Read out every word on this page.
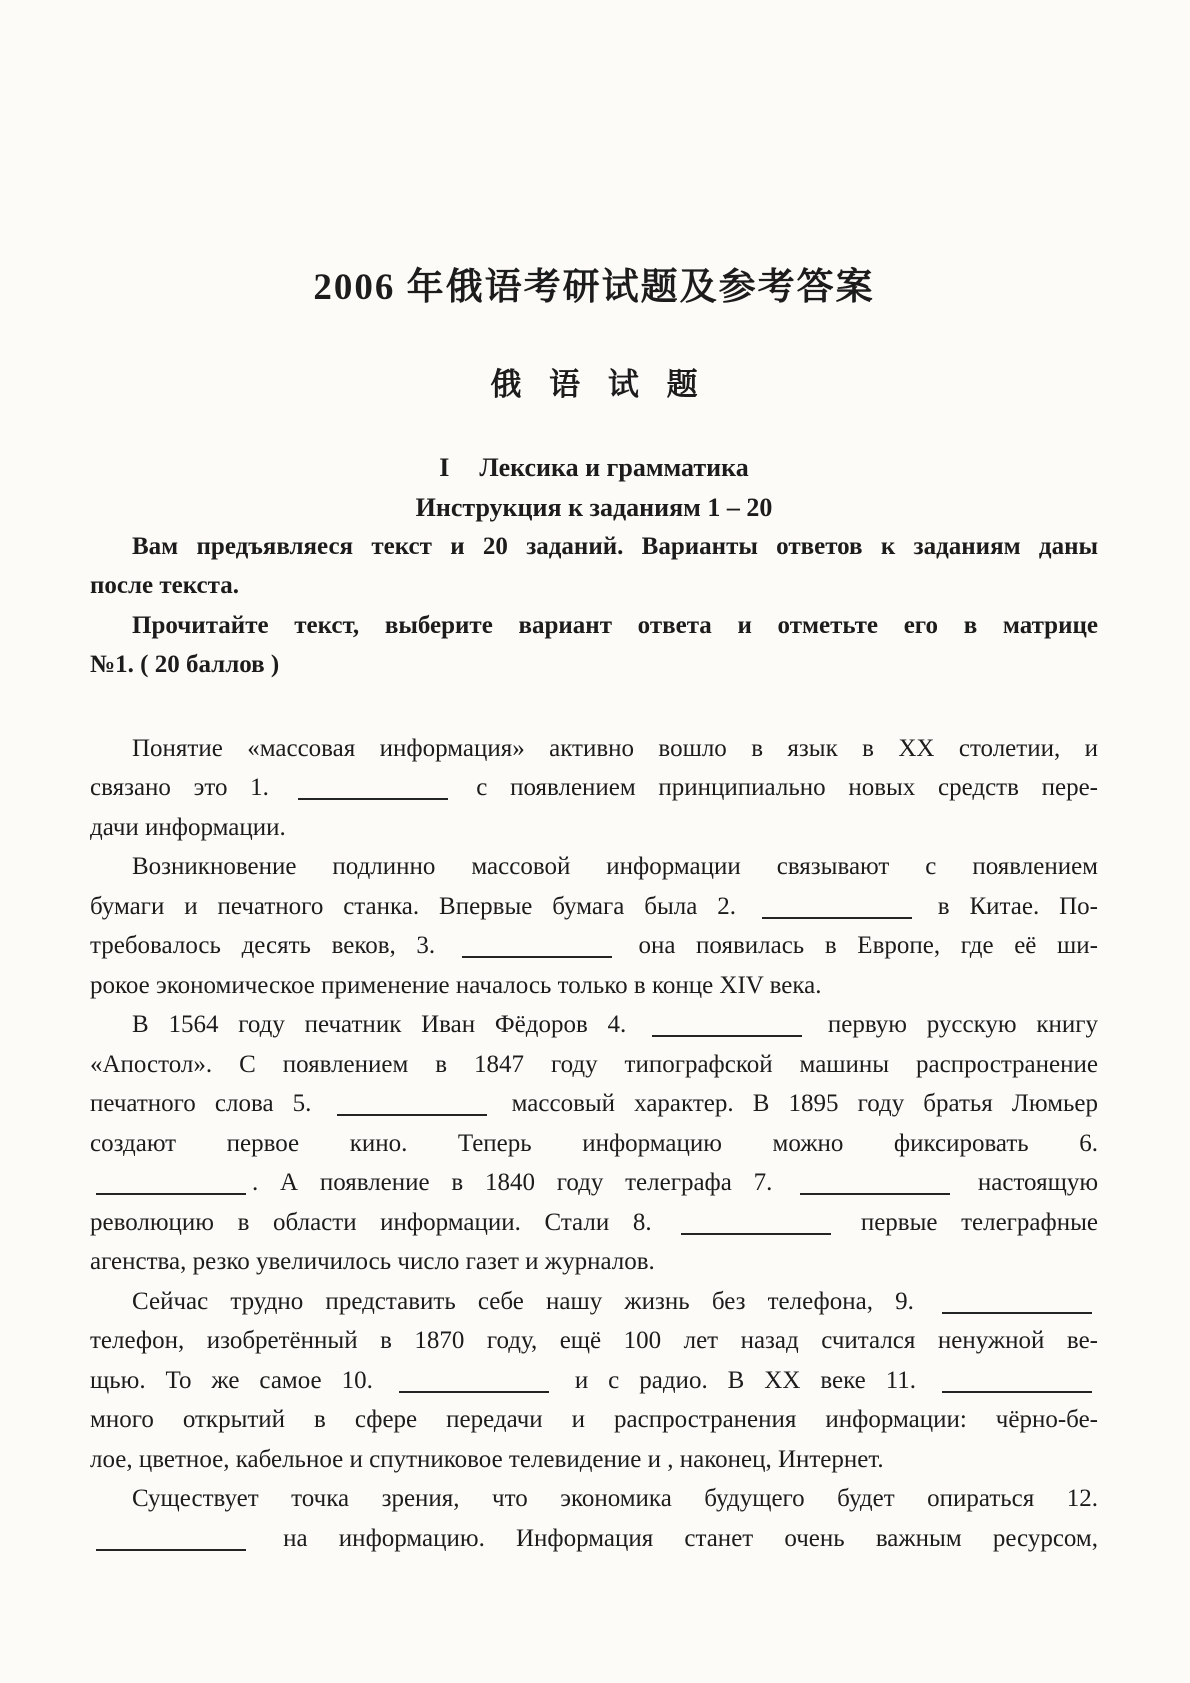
2006 年俄语考研试题及参考答案
俄 语 试 题
I Лексика и грамматика
Инструкция к заданиям 1 – 20
Вам предъявляеся текст и 20 заданий. Варианты ответов к заданиям даны
после текста.
Прочитайте текст, выберите вариант ответа и отметьте его в матрице
№1. ( 20 баллов )
Понятие «массовая информация» активно вошло в язык в XX столетии, и
связано это 1.	с появлением принципиально новых средств пере-
дачи информации.
Возникновение подлинно массовой информации связывают с появлением
бумаги и печатного станка. Впервые бумага была 2.	в Китае. По-
требовалось десять веков, 3.	она появилась в Европе, где её ши-
рокое экономическое применение началось только в конце XIV века.
В 1564 году печатник Иван Фёдоров 4.	первую русскую книгу
«Апостол». С появлением в 1847 году типографской машины распространение
печатного слова 5.	массовый характер. В 1895 году братья Люмьер
создают первое кино. Теперь информацию можно фиксировать 6.
. А появление в 1840 году телеграфа 7.	настоящую
революцию в области информации. Стали 8.	первые телеграфные
агенства, резко увеличилось число газет и журналов.
Сейчас трудно представить себе нашу жизнь без телефона, 9.
телефон, изобретённый в 1870 году, ещё 100 лет назад считался ненужной ве-
щью. То же самое 10.	и с радио. В XX веке 11.
много открытий в сфере передачи и распространения информации: чёрно-бе-
лое, цветное, кабельное и спутниковое телевидение и , наконец, Интернет.
Существует точка зрения, что экономика будущего будет опираться 12.
на информацию. Информация станет очень важным ресурсом,
